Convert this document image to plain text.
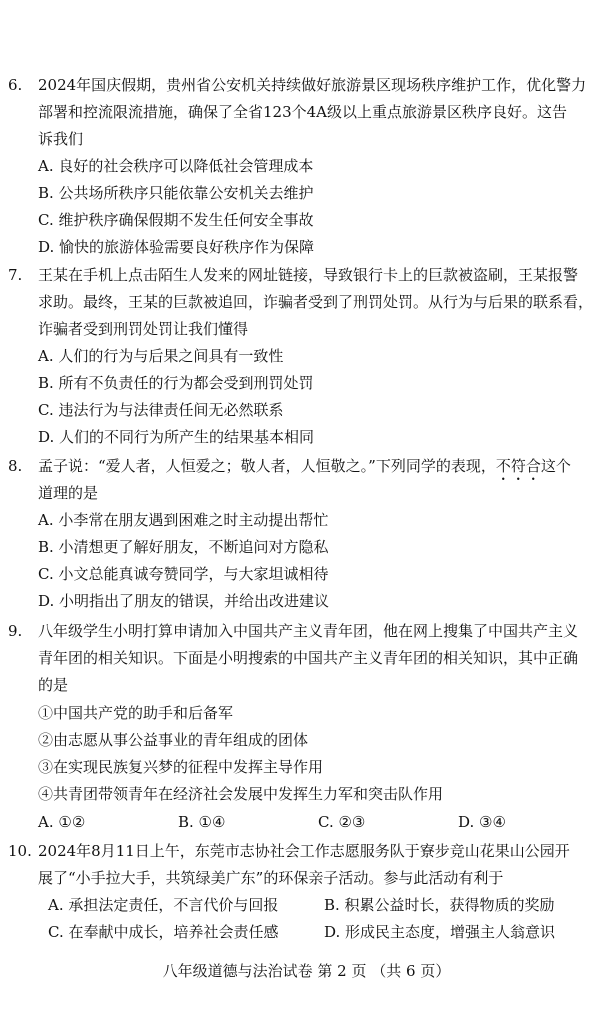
6. 2024年国庆假期，贵州省公安机关持续做好旅游景区现场秩序维护工作，优化警力
部署和控流限流措施，确保了全省123个4A级以上重点旅游景区秩序良好。这告
诉我们
A. 良好的社会秩序可以降低社会管理成本
B. 公共场所秩序只能依靠公安机关去维护
C. 维护秩序确保假期不发生任何安全事故
D. 愉快的旅游体验需要良好秩序作为保障
7. 王某在手机上点击陌生人发来的网址链接，导致银行卡上的巨款被盗刷，王某报警
求助。最终，王某的巨款被追回，诈骗者受到了刑罚处罚。从行为与后果的联系看，
诈骗者受到刑罚处罚让我们懂得
A. 人们的行为与后果之间具有一致性
B. 所有不负责任的行为都会受到刑罚处罚
C. 违法行为与法律责任间无必然联系
D. 人们的不同行为所产生的结果基本相同
8. 孟子说：“爱人者，人恒爱之；敬人者，人恒敬之。”下列同学的表现，不符合这个
道理的是
A. 小李常在朋友遇到困难之时主动提出帮忙
B. 小清想更了解好朋友，不断追问对方隐私
C. 小文总能真诚夸赞同学，与大家坦诚相待
D. 小明指出了朋友的错误，并给出改进建议
9. 八年级学生小明打算申请加入中国共产主义青年团，他在网上搜集了中国共产主义
青年团的相关知识。下面是小明搜索的中国共产主义青年团的相关知识，其中正确
的是
①中国共产党的助手和后备军
②由志愿从事公益事业的青年组成的团体
③在实现民族复兴梦的征程中发挥主导作用
④共青团带领青年在经济社会发展中发挥生力军和突击队作用
A. ①②	B. ①④	C. ②③	D. ③④
10. 2024年8月11日上午，东莞市志协社会工作志愿服务队于寮步竞山花果山公园开
展了“小手拉大手，共筑绿美广东”的环保亲子活动。参与此活动有利于
A. 承担法定责任，不言代价与回报	B. 积累公益时长，获得物质的奖励
C. 在奉献中成长，培养社会责任感	D. 形成民主态度，增强主人翁意识
八年级道德与法治试卷 第 2 页 （共 6 页）
